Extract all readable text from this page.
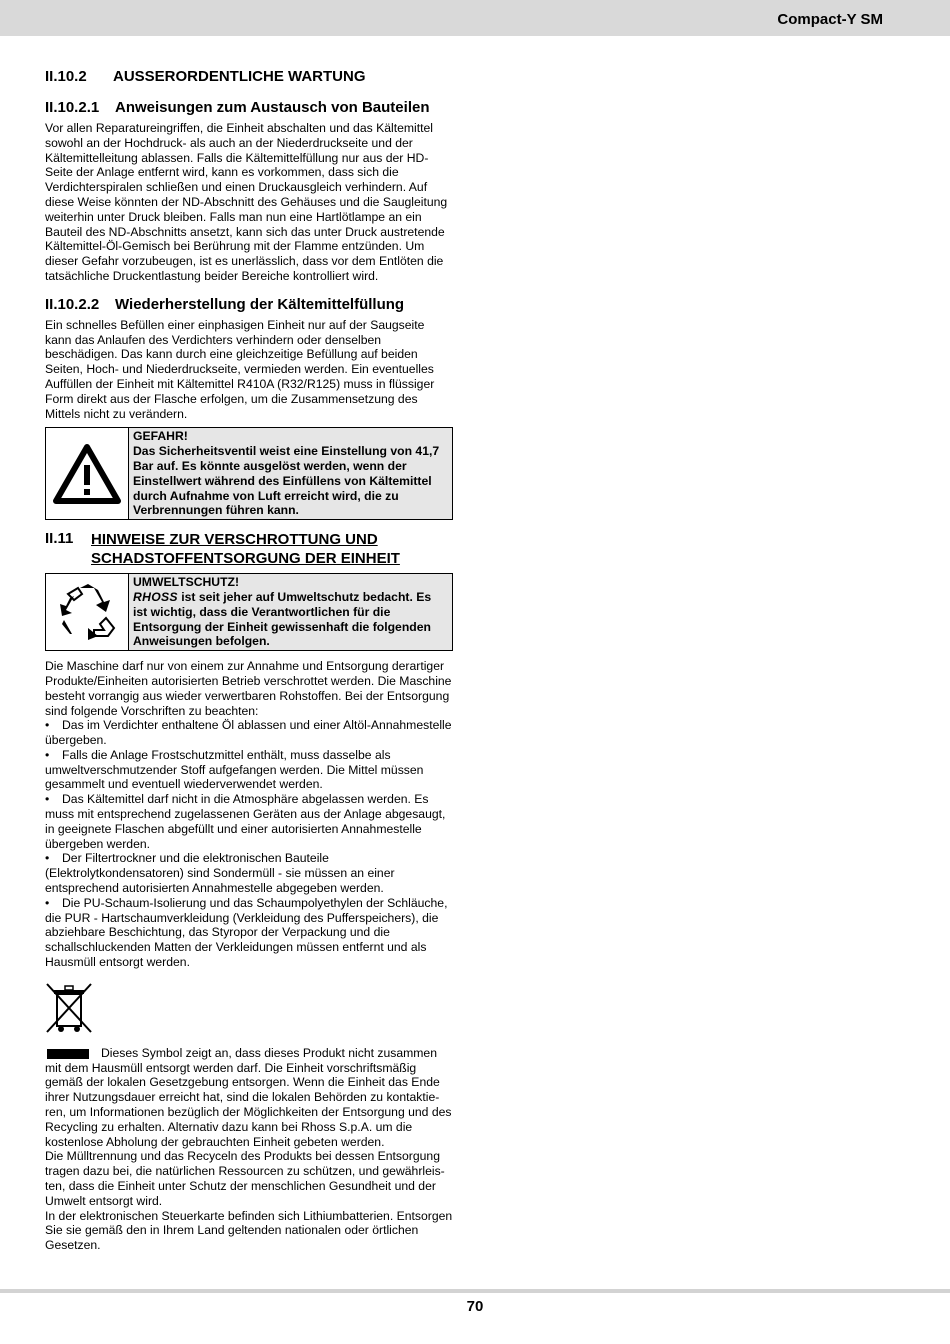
Compact-Y SM
II.10.2	AUSSERORDENTLICHE WARTUNG
II.10.2.1	Anweisungen zum Austausch von Bauteilen

Vor allen Reparatureingriffen, die Einheit abschalten und das Kältemittel sowohl an der Hochdruck- als auch an der Niederdruckseite und der Kältemittelleitung ablassen. Falls die Kältemittelfüllung nur aus der HD-Seite der Anlage entfernt wird, kann es vorkommen, dass sich die Verdichterspiralen schließen und einen Druckausgleich verhindern. Auf diese Weise könnten der ND-Abschnitt des Gehäuses und die Saugleitung weiterhin unter Druck bleiben. Falls man nun eine Hartlötlampe an ein Bauteil des ND-Abschnitts ansetzt, kann sich das unter Druck austretende Kältemittel-Öl-Gemisch bei Berührung mit der Flamme entzünden. Um dieser Gefahr vorzubeugen, ist es unerlässlich, dass vor dem Entlöten die tatsächliche Druckentlastung beider Bereiche kontrolliert wird.

II.10.2.2	Wiederherstellung der Kältemittelfüllung

Ein schnelles Befüllen einer einphasigen Einheit nur auf der Saugseite kann das Anlaufen des Verdichters verhindern oder denselben beschädigen. Das kann durch eine gleichzeitige Befüllung auf beiden Seiten, Hoch- und Niederdruckseite, vermieden werden. Ein eventuelles Auffüllen der Einheit mit Kältemittel R410A (R32/R125) muss in flüssiger Form direkt aus der Flasche erfolgen, um die Zusammensetzung des Mittels nicht zu verändern.

GEFAHR!
Das Sicherheitsventil weist eine Einstellung von 41,7 Bar auf. Es könnte ausgelöst werden, wenn der Einstellwert während des Einfüllens von Kältemittel durch Aufnahme von Luft erreicht wird, die zu Verbrennungen führen kann.
II.11	HINWEISE ZUR VERSCHROTTUNG UND
SCHADSTOFFENTSORGUNG DER EINHEIT
UMWELTSCHUTZ!
RHOSS ist seit jeher auf Umweltschutz bedacht. Es ist wichtig, dass die Verantwortlichen für die Entsorgung der Einheit gewissenhaft die folgenden Anweisungen befolgen.

Die Maschine darf nur von einem zur Annahme und Entsorgung derartiger Produkte/Einheiten autorisierten Betrieb verschrottet werden. Die Maschine besteht vorrangig aus wieder verwertbaren Rohstoffen. Bei der Entsorgung sind folgende Vorschriften zu beachten:

• Das im Verdichter enthaltene Öl ablassen und einer Altöl-Annahmestelle übergeben.

• Falls die Anlage Frostschutzmittel enthält, muss dasselbe als umweltverschmutzender Stoff aufgefangen werden. Die Mittel müssen gesammelt und eventuell wiederverwendet werden.

• Das Kältemittel darf nicht in die Atmosphäre abgelassen werden. Es muss mit entsprechend zugelassenen Geräten aus der Anlage abgesaugt, in geeignete Flaschen abgefüllt und einer autorisierten Annahmestelle übergeben werden.

• Der Filtertrockner und die elektronischen Bauteile (Elektrolytkondensatoren) sind Sondermüll - sie müssen an einer entsprechend autorisierten Annahmestelle abgegeben werden.

• Die PU-Schaum-Isolierung und das Schaumpolyethylen der Schläuche, die PUR - Hartschaumverkleidung (Verkleidung des Pufferspeichers), die abziehbare Beschichtung, das Styropor der Verpackung und die schallschluckenden Matten der Verkleidungen müssen entfernt und als Hausmüll entsorgt werden.

Dieses Symbol zeigt an, dass dieses Produkt nicht zusammen mit dem Hausmüll entsorgt werden darf. Die Einheit vorschriftsmäßig gemäß der lokalen Gesetzgebung entsorgen. Wenn die Einheit das Ende ihrer Nutzungsdauer erreicht hat, sind die lokalen Behörden zu kontaktie-ren, um Informationen bezüglich der Möglichkeiten der Entsorgung und des Recycling zu erhalten. Alternativ dazu kann bei Rhoss S.p.A. um die kostenlose Abholung der gebrauchten Einheit gebeten werden.

Die Mülltrennung und das Recyceln des Produkts bei dessen Entsorgung tragen dazu bei, die natürlichen Ressourcen zu schützen, und gewährleis-ten, dass die Einheit unter Schutz der menschlichen Gesundheit und der Umwelt entsorgt wird.

In der elektronischen Steuerkarte befinden sich Lithiumbatterien. Entsorgen Sie sie gemäß den in Ihrem Land geltenden nationalen oder örtlichen Gesetzen.

70
